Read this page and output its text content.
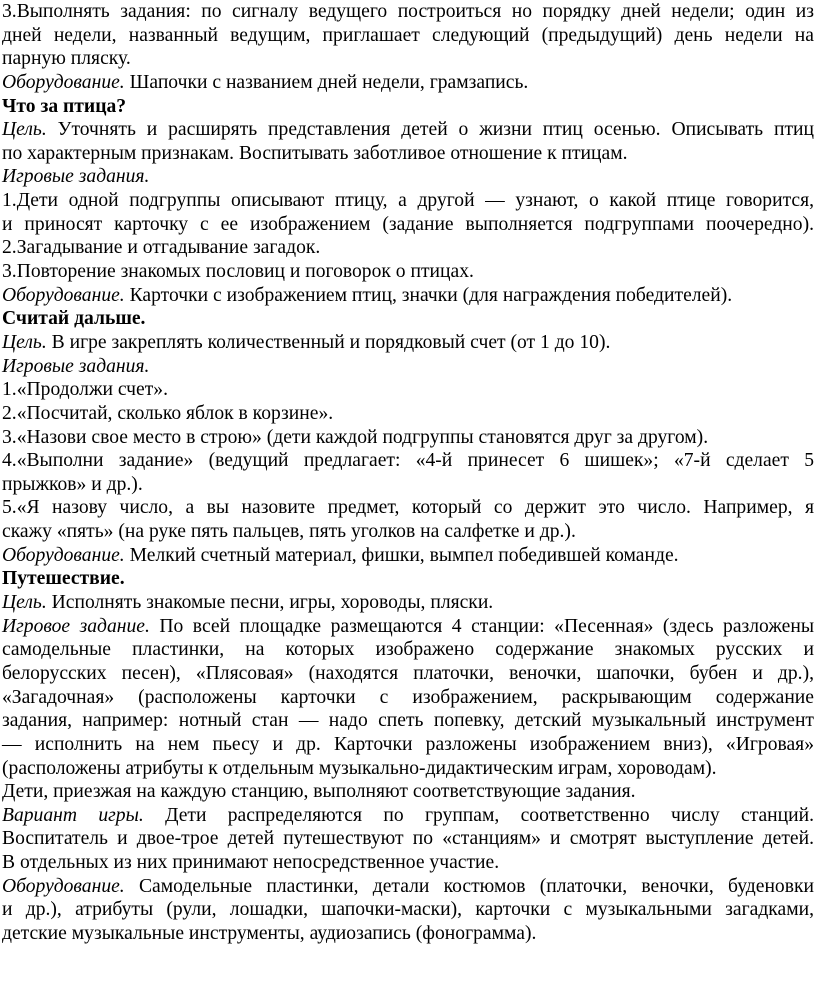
3.Выполнять задания: по сигналу ведущего построиться но порядку дней недели; один из
дней недели, названный ведущим, приглашает следующий (предыдущий) день недели на
парную пляску.
Оборудование. Шапочки с названием дней недели, грамзапись.
Что за птица?
Цель. Уточнять и расширять представления детей о жизни птиц осенью. Описывать птиц
по характерным признакам. Воспитывать заботливое отношение к птицам.
Игровые задания.
1.Дети одной подгруппы описывают птицу, а другой — узнают, о какой птице говорится,
и приносят карточку с ее изображением (задание выполняется подгруппами поочередно).
2.Загадывание и отгадывание загадок.
3.Повторение знакомых пословиц и поговорок о птицах.
Оборудование. Карточки с изображением птиц, значки (для награждения победителей).
Считай дальше.
Цель. В игре закреплять количественный и порядковый счет (от 1 до 10).
Игровые задания.
1.«Продолжи счет».
2.«Посчитай, сколько яблок в корзине».
3.«Назови свое место в строю» (дети каждой подгруппы становятся друг за другом).
4.«Выполни задание» (ведущий предлагает: «4-й принесет 6 шишек»; «7-й сделает 5
прыжков» и др.).
5.«Я назову число, а вы назовите предмет, который со держит это число. Например, я
скажу «пять» (на руке пять пальцев, пять уголков на салфетке и др.).
Оборудование. Мелкий счетный материал, фишки, вымпел победившей команде.
Путешествие.
Цель. Исполнять знакомые песни, игры, хороводы, пляски.
Игровое задание. По всей площадке размещаются 4 станции: «Песенная» (здесь разложены
самодельные пластинки, на которых изображено содержание знакомых русских и
белорусских песен), «Плясовая» (находятся платочки, веночки, шапочки, бубен и др.),
«Загадочная» (расположены карточки с изображением, раскрывающим содержание
задания, например: нотный стан — надо спеть попевку, детский музыкальный инструмент
— исполнить на нем пьесу и др. Карточки разложены изображением вниз), «Игровая»
(расположены атрибуты к отдельным музыкально-дидактическим играм, хороводам).
Дети, приезжая на каждую станцию, выполняют соответствующие задания.
Вариант игры. Дети распределяются по группам, соответственно числу станций.
Воспитатель и двое-трое детей путешествуют по «станциям» и смотрят выступление детей.
В отдельных из них принимают непосредственное участие.
Оборудование. Самодельные пластинки, детали костюмов (платочки, веночки, буденовки
и др.), атрибуты (рули, лошадки, шапочки-маски), карточки с музыкальными загадками,
детские музыкальные инструменты, аудиозапись (фонограмма).
